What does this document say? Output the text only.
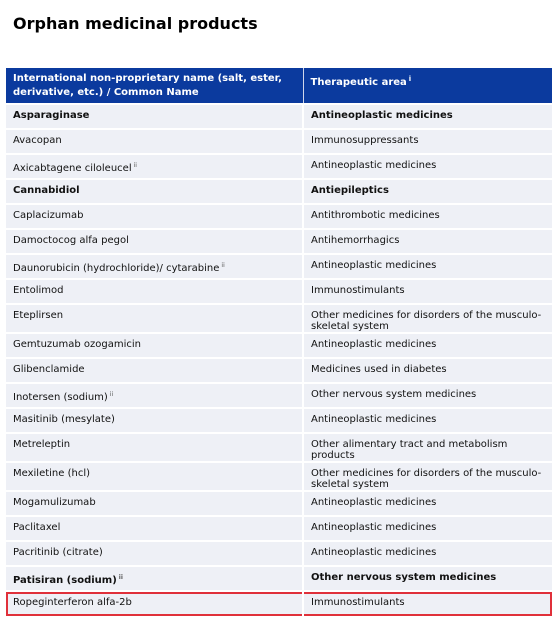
Orphan medicinal products
International non-proprietary name (salt, ester, derivative, etc.) / Common Name	Therapeutic area $^i$
Asparaginase	Antineoplastic medicines
Avacopan	Immunosuppressants
Axicabtagene ciloleucel $^{ii}$	Antineoplastic medicines
Cannabidiol	Antiepileptics
Caplacizumab	Antithrombotic medicines
Damoctocog alfa pegol	Antihemorrhagics
Daunorubicin (hydrochloride)/ cytarabine $^{ii}$	Antineoplastic medicines
Entolimod	Immunostimulants
Eteplirsen	Other medicines for disorders of the musculo-skeletal system
Gemtuzumab ozogamicin	Antineoplastic medicines
Glibenclamide	Medicines used in diabetes
Inotersen (sodium) $^{ii}$	Other nervous system medicines
Masitinib (mesylate)	Antineoplastic medicines
Metreleptin	Other alimentary tract and metabolism products
Mexiletine (hcl)	Other medicines for disorders of the musculo-skeletal system
Mogamulizumab	Antineoplastic medicines
Paclitaxel	Antineoplastic medicines
Pacritinib (citrate)	Antineoplastic medicines
Patisiran (sodium) $^{ii}$	Other nervous system medicines
Ropeginterferon alfa-2b	Immunostimulants
